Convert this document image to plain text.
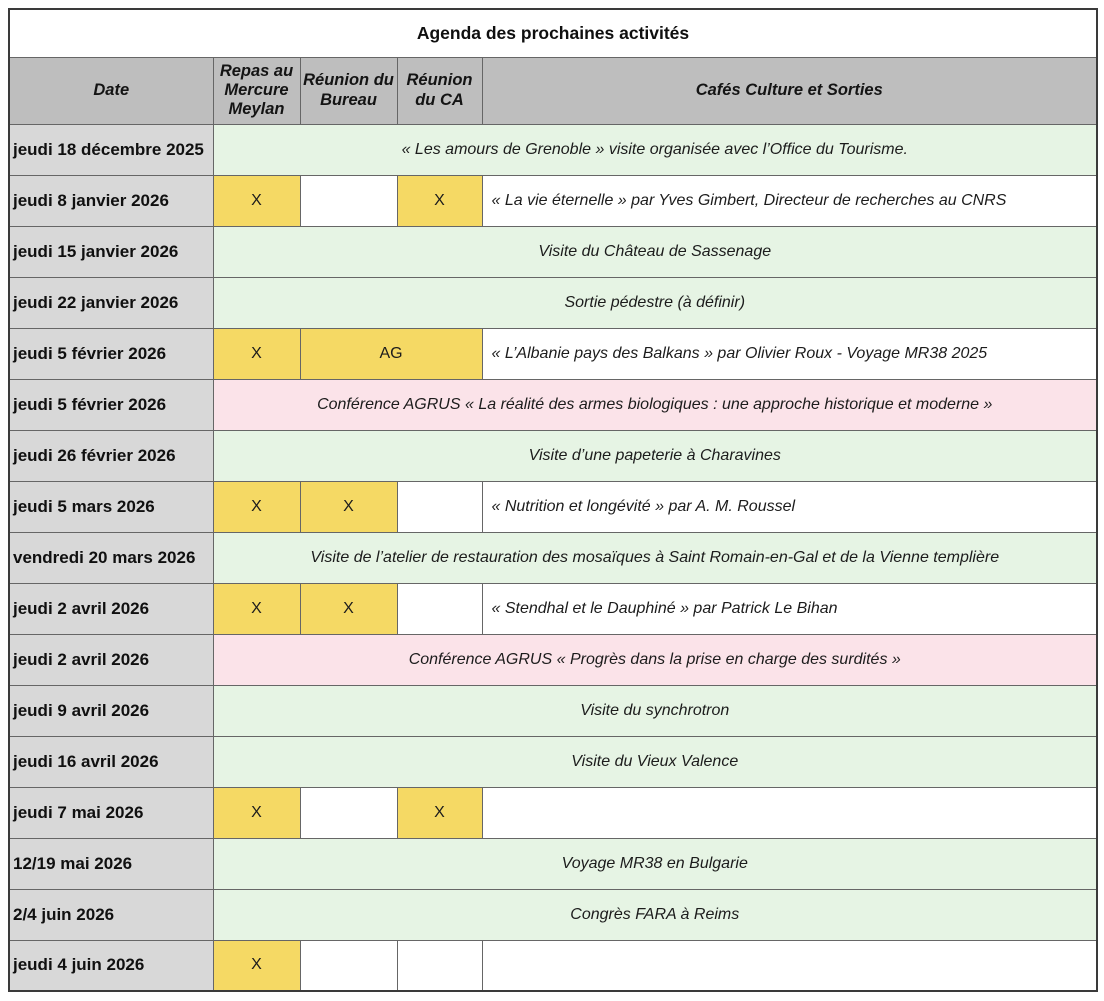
Agenda des prochaines activités				
Date	Repas au Mercure Meylan	Réunion du Bureau	Réunion du CA	Cafés Culture et Sorties
jeudi 18 décembre 2025	« Les amours de Grenoble » visite organisée avec l’Office du Tourisme.			
jeudi 8 janvier 2026	X		X	« La vie éternelle » par Yves Gimbert, Directeur de recherches au CNRS
jeudi 15 janvier 2026	Visite du Château de Sassenage			
jeudi 22 janvier 2026	Sortie pédestre (à définir)			
jeudi 5 février 2026	X	AG		« L’Albanie pays des Balkans » par Olivier Roux - Voyage MR38 2025
jeudi 5 février 2026	Conférence AGRUS « La réalité des armes biologiques : une approche historique et moderne »			
jeudi 26 février 2026	Visite d’une papeterie à Charavines			
jeudi 5 mars 2026	X	X		« Nutrition et longévité » par A. M. Roussel
vendredi 20 mars 2026	Visite de l’atelier de restauration des mosaïques à Saint Romain-en-Gal et de la Vienne templière			
jeudi 2 avril 2026	X	X		« Stendhal et le Dauphiné » par Patrick Le Bihan
jeudi 2 avril 2026	Conférence AGRUS « Progrès dans la prise en charge des surdités »			
jeudi 9 avril 2026	Visite du synchrotron			
jeudi 16 avril 2026	Visite du Vieux Valence			
jeudi 7 mai 2026	X		X	
12/19 mai 2026	Voyage MR38 en Bulgarie			
2/4 juin 2026	Congrès FARA à Reims			
jeudi 4 juin 2026	X			
